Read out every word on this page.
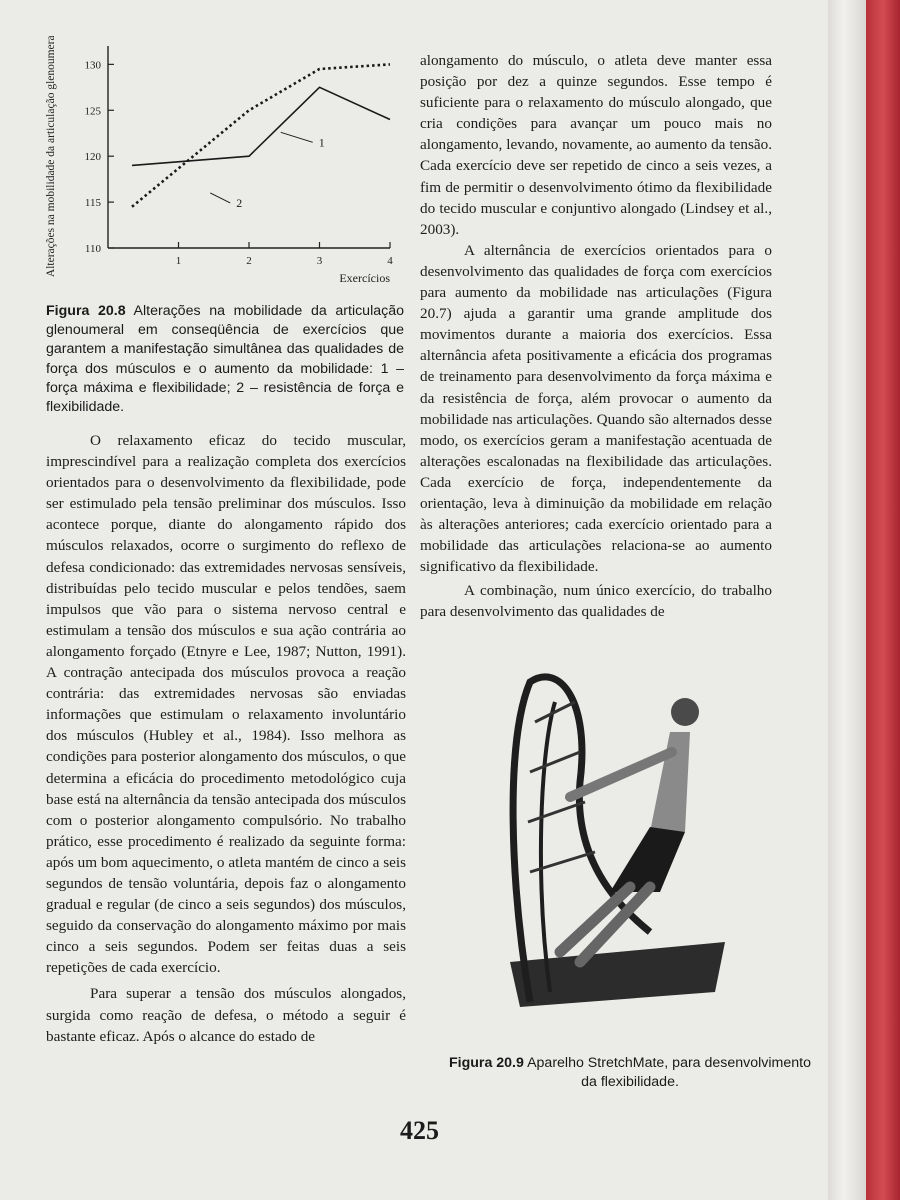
110
115
120
125
130
1	2	3	4
Exercícios
Alterações na mobilidade da articulação glenoumeral, %	1
2

Figura 20.8 Alterações na mobilidade da articulação glenoumeral em conseqüência de exercícios que garantem a manifestação simultânea das qualidades de força dos músculos e o aumento da mobilidade: 1 – força máxima e flexibilidade; 2 – resistência de força e flexibilidade.

O relaxamento eficaz do tecido muscular, imprescindível para a realização completa dos exercícios orientados para o desenvolvimento da flexibilidade, pode ser estimulado pela tensão preliminar dos músculos. Isso acontece porque, diante do alongamento rápido dos músculos relaxados, ocorre o surgimento do reflexo de defesa condicionado: das extremidades nervosas sensíveis, distribuídas pelo tecido muscular e pelos tendões, saem impulsos que vão para o sistema nervoso central e estimulam a tensão dos músculos e sua ação contrária ao alongamento forçado (Etnyre e Lee, 1987; Nutton, 1991). A contração antecipada dos músculos provoca a reação contrária: das extremidades nervosas são enviadas informações que estimulam o relaxamento involuntário dos músculos (Hubley et al., 1984). Isso melhora as condições para posterior alongamento dos músculos, o que determina a eficácia do procedimento metodológico cuja base está na alternância da tensão antecipada dos músculos com o posterior alongamento compulsório. No trabalho prático, esse procedimento é realizado da seguinte forma: após um bom aquecimento, o atleta mantém de cinco a seis segundos de tensão voluntária, depois faz o alongamento gradual e regular (de cinco a seis segundos) dos músculos, seguido da conservação do alongamento máximo por mais cinco a seis segundos. Podem ser feitas duas a seis repetições de cada exercício.

Para superar a tensão dos músculos alongados, surgida como reação de defesa, o método a seguir é bastante eficaz. Após o alcance do estado de

alongamento do músculo, o atleta deve manter essa posição por dez a quinze segundos. Esse tempo é suficiente para o relaxamento do músculo alongado, que cria condições para avançar um pouco mais no alongamento, levando, novamente, ao aumento da tensão. Cada exercício deve ser repetido de cinco a seis vezes, a fim de permitir o desenvolvimento ótimo da flexibilidade do tecido muscular e conjuntivo alongado (Lindsey et al., 2003).

A alternância de exercícios orientados para o desenvolvimento das qualidades de força com exercícios para aumento da mobilidade nas articulações (Figura 20.7) ajuda a garantir uma grande amplitude dos movimentos durante a maioria dos exercícios. Essa alternância afeta positivamente a eficácia dos programas de treinamento para desenvolvimento da força máxima e da resistência de força, além provocar o aumento da mobilidade nas articulações. Quando são alternados desse modo, os exercícios geram a manifestação acentuada de alterações escalonadas na flexibilidade das articulações. Cada exercício de força, independentemente da orientação, leva à diminuição da mobilidade em relação às alterações anteriores; cada exercício orientado para a mobilidade das articulações relaciona-se ao aumento significativo da flexibilidade.

A combinação, num único exercício, do trabalho para desenvolvimento das qualidades de

Figura 20.9 Aparelho StretchMate, para desenvolvimento da flexibilidade.

425
